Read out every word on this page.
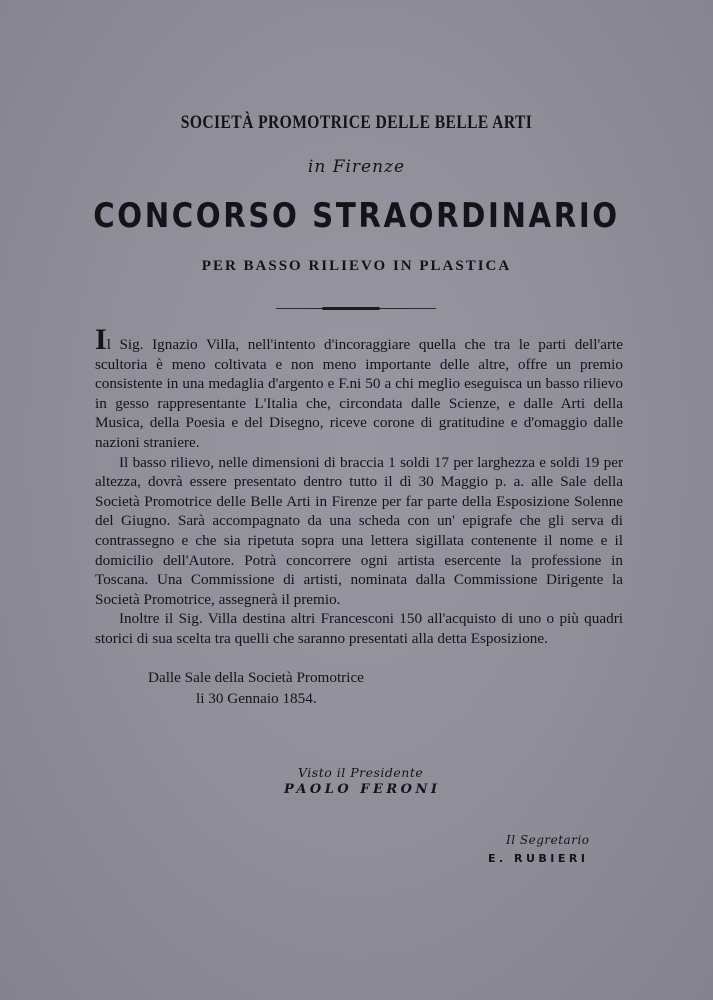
SOCIETÀ PROMOTRICE DELLE BELLE ARTI
in Firenze
CONCORSO STRAORDINARIO
PER BASSO RILIEVO IN PLASTICA

Il Sig. Ignazio Villa, nell'intento d'incoraggiare quella che tra le parti dell'arte scultoria è meno coltivata e non meno importante delle altre, offre un premio consistente in una medaglia d'argento e F.ni 50 a chi meglio eseguisca un basso rilievo in gesso rappresentante L'Italia che, circondata dalle Scienze, e dalle Arti della Musica, della Poesia e del Disegno, riceve corone di gratitudine e d'omaggio dalle nazioni straniere.

Il basso rilievo, nelle dimensioni di braccia 1 soldi 17 per larghezza e soldi 19 per altezza, dovrà essere presentato dentro tutto il dì 30 Maggio p. a. alle Sale della Società Promotrice delle Belle Arti in Firenze per far parte della Esposizione Solenne del Giugno. Sarà accompagnato da una scheda con un' epigrafe che gli serva di contrassegno e che sia ripetuta sopra una lettera sigillata contenente il nome e il domicilio dell'Autore. Potrà concorrere ogni artista esercente la professione in Toscana. Una Commissione di artisti, nominata dalla Commissione Dirigente la Società Promotrice, assegnerà il premio.

Inoltre il Sig. Villa destina altri Francesconi 150 all'acquisto di uno o più quadri storici di sua scelta tra quelli che saranno presentati alla detta Esposizione.

Dalle Sale della Società Promotrice
li 30 Gennaio 1854.
Visto il Presidente
PAOLO FERONI
Il Segretario
E. RUBIERI
